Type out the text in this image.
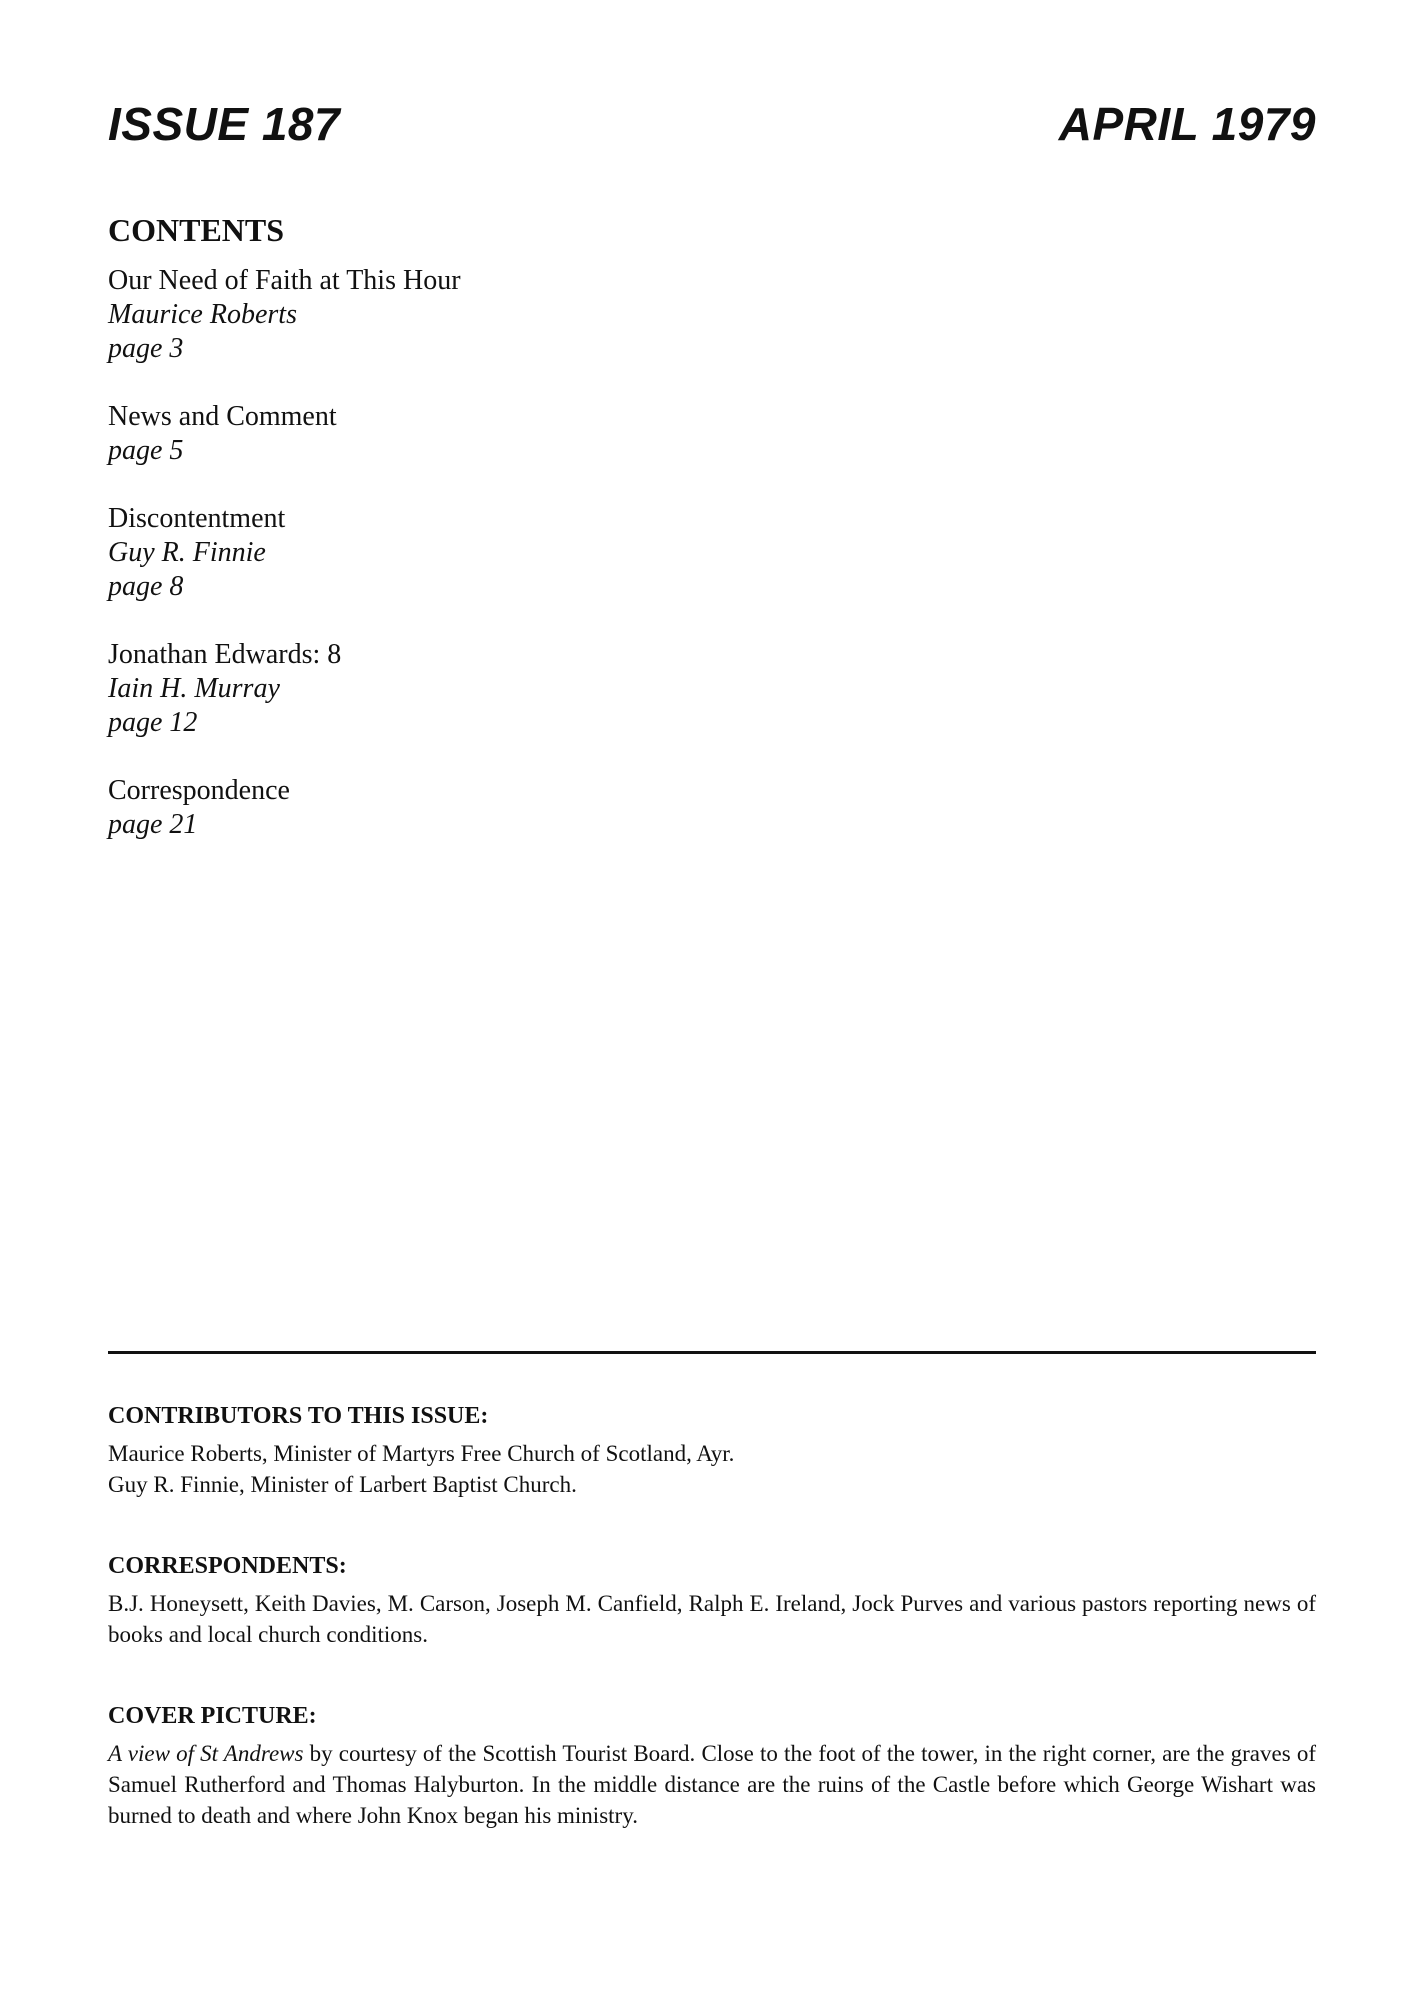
ISSUE 187	APRIL 1979
CONTENTS
Our Need of Faith at This Hour
Maurice Roberts
page 3
News and Comment
page 5
Discontentment
Guy R. Finnie
page 8
Jonathan Edwards: 8
Iain H. Murray
page 12
Correspondence
page 21
CONTRIBUTORS TO THIS ISSUE:
Maurice Roberts, Minister of Martyrs Free Church of Scotland, Ayr.
Guy R. Finnie, Minister of Larbert Baptist Church.
CORRESPONDENTS:
B.J. Honeysett, Keith Davies, M. Carson, Joseph M. Canfield, Ralph E. Ireland, Jock Purves and various pastors reporting news of books and local church conditions.
COVER PICTURE:
A view of St Andrews by courtesy of the Scottish Tourist Board. Close to the foot of the tower, in the right corner, are the graves of Samuel Rutherford and Thomas Halyburton. In the middle distance are the ruins of the Castle before which George Wishart was burned to death and where John Knox began his ministry.
